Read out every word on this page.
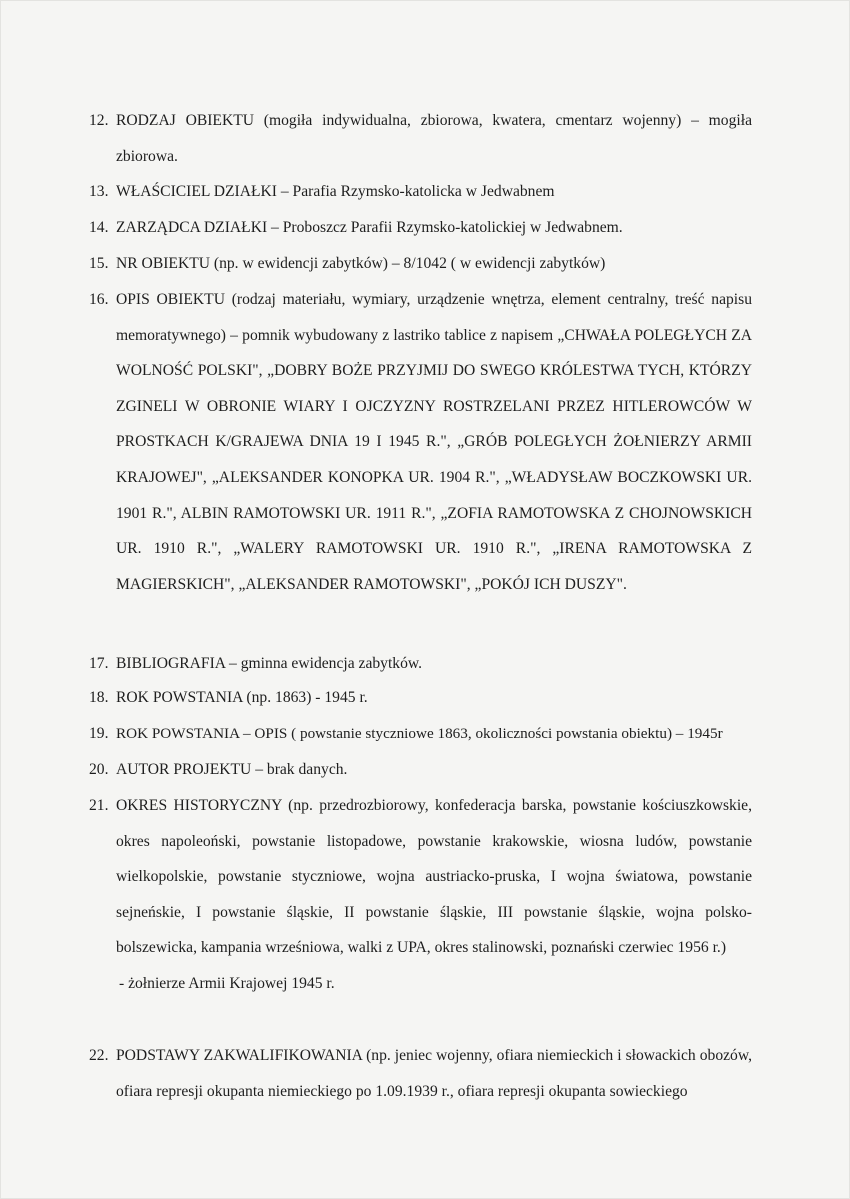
12. RODZAJ OBIEKTU (mogiła indywidualna, zbiorowa, kwatera, cmentarz wojenny) – mogiła zbiorowa.
13. WŁAŚCICIEL DZIAŁKI – Parafia Rzymsko-katolicka w Jedwabnem
14. ZARZĄDCA DZIAŁKI – Proboszcz Parafii Rzymsko-katolickiej w Jedwabnem.
15. NR OBIEKTU (np. w ewidencji zabytków) – 8/1042 ( w ewidencji zabytków)
16. OPIS OBIEKTU (rodzaj materiału, wymiary, urządzenie wnętrza, element centralny, treść napisu memoratywnego) – pomnik wybudowany z lastriko tablice z napisem „CHWAŁA POLEGŁYCH ZA WOLNOŚĆ POLSKI", „DOBRY BOŻE PRZYJMIJ DO SWEGO KRÓLESTWA TYCH, KTÓRZY ZGINELI W OBRONIE WIARY I OJCZYZNY ROSTRZELANI PRZEZ HITLEROWCÓW W PROSTKACH K/GRAJEWA DNIA 19 I 1945 R.", „GRÓB POLEGŁYCH ŻOŁNIERZY ARMII KRAJOWEJ", „ALEKSANDER KONOPKA UR. 1904 R.", „WŁADYSŁAW BOCZKOWSKI UR. 1901 R.", ALBIN RAMOTOWSKI UR. 1911 R.", „ZOFIA RAMOTOWSKA Z CHOJNOWSKICH UR. 1910 R.", „WALERY RAMOTOWSKI UR. 1910 R.", „IRENA RAMOTOWSKA Z MAGIERSKICH", „ALEKSANDER RAMOTOWSKI", „POKÓJ ICH DUSZY".
17. BIBLIOGRAFIA – gminna ewidencja zabytków.
18. ROK POWSTANIA (np. 1863) - 1945 r.
19. ROK POWSTANIA – OPIS ( powstanie styczniowe 1863, okoliczności powstania obiektu) – 1945r
20. AUTOR PROJEKTU – brak danych.
21. OKRES HISTORYCZNY (np. przedrozbiorowy, konfederacja barska, powstanie kościuszkowskie, okres napoleoński, powstanie listopadowe, powstanie krakowskie, wiosna ludów, powstanie wielkopolskie, powstanie styczniowe, wojna austriacko-pruska, I wojna światowa, powstanie sejneńskie, I powstanie śląskie, II powstanie śląskie, III powstanie śląskie, wojna polsko-bolszewicka, kampania wrześniowa, walki z UPA, okres stalinowski, poznański czerwiec 1956 r.)
- żołnierze Armii Krajowej 1945 r.
22. PODSTAWY ZAKWALIFIKOWANIA (np. jeniec wojenny, ofiara niemieckich i słowackich obozów, ofiara represji okupanta niemieckiego po 1.09.1939 r., ofiara represji okupanta sowieckiego
